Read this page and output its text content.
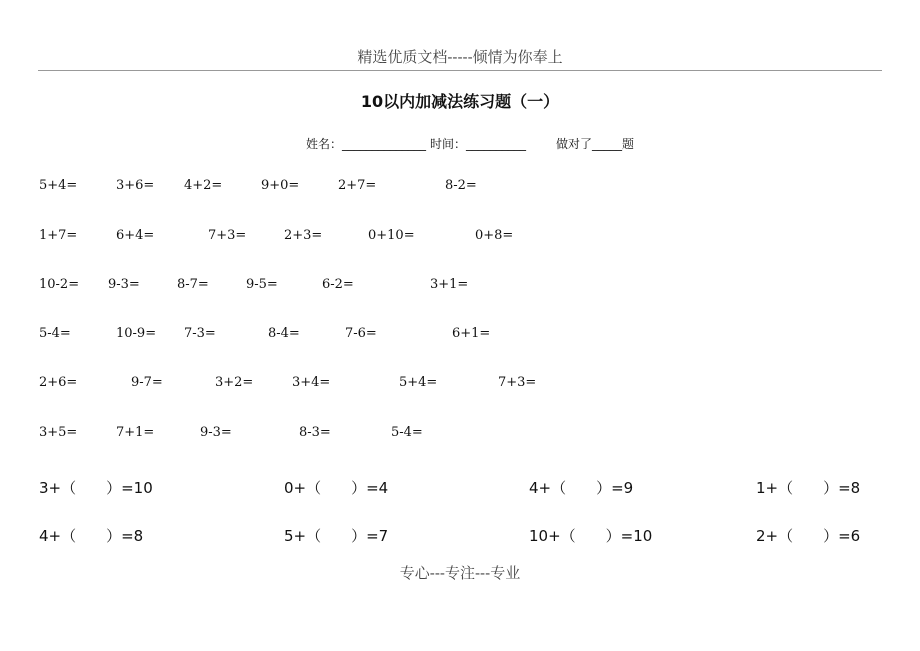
精选优质文档-----倾情为你奉上
10以内加减法练习题（一）
姓名：______________ 时间：__________ 做对了_____题
5+4=	3+6= 4+2=	9+0=	2+7=	8-2=
1+7=	6+4=	7+3=	2+3=	0+10=	0+8=
10-2= 9-3=	8-7=	9-5=	6-2=	3+1=
5-4=	10-9= 7-3=	8-4=	7-6=	6+1=
2+6=	9-7=	3+2=	3+4=	5+4=	7+3=
3+5=	7+1=	9-3=	8-3=	5-4=
3+（　　）=10	0+（　　）=4	4+（　　）=9	1+（　　）=8
4+（　　）=8	5+（　　）=7	10+（　　）=10	2+（　　）=6
专心---专注---专业
